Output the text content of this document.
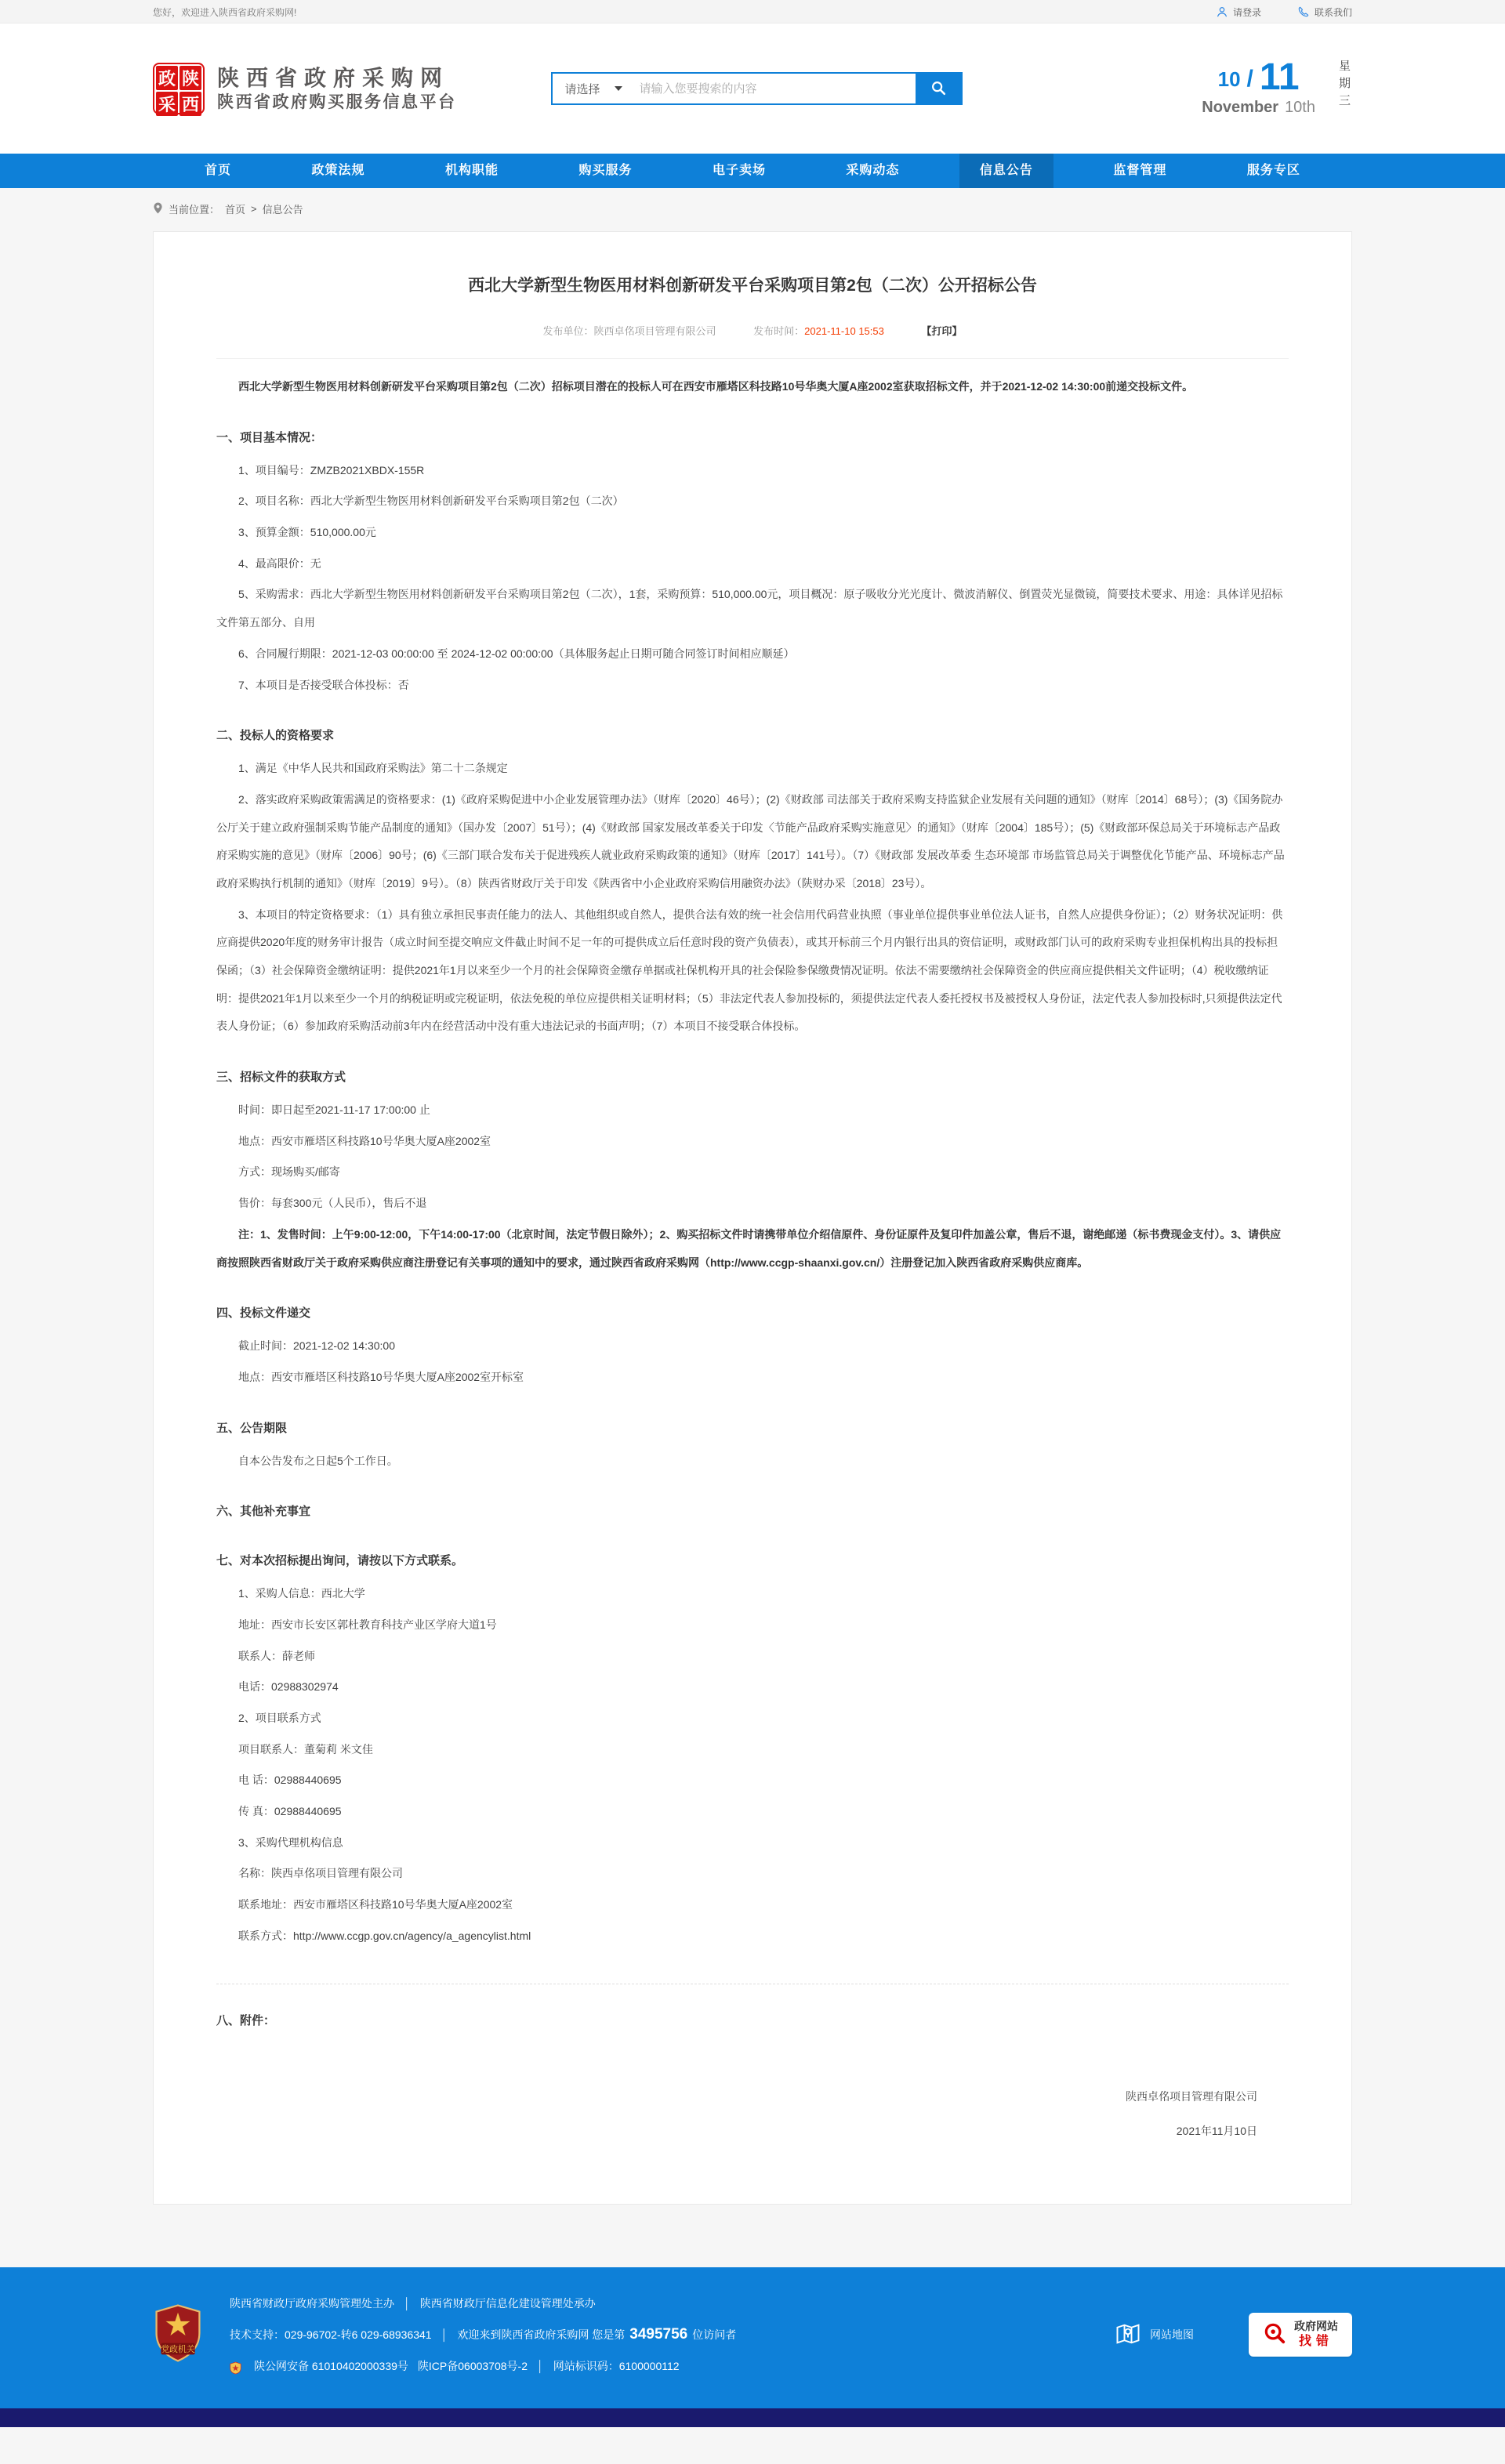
您好，欢迎进入陕西省政府采购网!	请登录	联系我们
政 陕
采 西
陕西省政府采购网
陕西省政府购买服务信息平台
请选择
请输入您要搜索的内容	10 / 11
November 10th 星期三
首页	政策法规	机构职能	购买服务	电子卖场	采购动态	信息公告	监督管理	服务专区
当前位置： 首页 > 信息公告
西北大学新型生物医用材料创新研发平台采购项目第2包（二次）公开招标公告
发布单位：陕西卓佲项目管理有限公司	发布时间：2021-11-10 15:53	【打印】

西北大学新型生物医用材料创新研发平台采购项目第2包（二次）招标项目潜在的投标人可在西安市雁塔区科技路10号华奥大厦A座2002室获取招标文件，并于2021-12-02 14:30:00前递交投标文件。

一、项目基本情况：

1、项目编号：ZMZB2021XBDX-155R

2、项目名称：西北大学新型生物医用材料创新研发平台采购项目第2包（二次）

3、预算金额：510,000.00元

4、最高限价：无

5、采购需求：西北大学新型生物医用材料创新研发平台采购项目第2包（二次），1套，采购预算：510,000.00元，项目概况：原子吸收分光光度计、微波消解仪、倒置荧光显微镜，简要技术要求、用途：具体详见招标文件第五部分、自用

6、合同履行期限：2021-12-03 00:00:00 至 2024-12-02 00:00:00（具体服务起止日期可随合同签订时间相应顺延）

7、本项目是否接受联合体投标：否

二、投标人的资格要求

1、满足《中华人民共和国政府采购法》第二十二条规定

2、落实政府采购政策需满足的资格要求：(1)《政府采购促进中小企业发展管理办法》（财库〔2020〕46号）；(2)《财政部 司法部关于政府采购支持监狱企业发展有关问题的通知》（财库〔2014〕68号）；(3)《国务院办公厅关于建立政府强制采购节能产品制度的通知》（国办发〔2007〕51号）；(4)《财政部 国家发展改革委关于印发〈节能产品政府采购实施意见〉的通知》（财库〔2004〕185号）；(5)《财政部环保总局关于环境标志产品政府采购实施的意见》（财库〔2006〕90号；(6)《三部门联合发布关于促进残疾人就业政府采购政策的通知》（财库〔2017〕141号）。（7）《财政部 发展改革委 生态环境部 市场监管总局关于调整优化节能产品、环境标志产品政府采购执行机制的通知》（财库〔2019〕9号）。（8）陕西省财政厅关于印发《陕西省中小企业政府采购信用融资办法》（陕财办采〔2018〕23号）。

3、本项目的特定资格要求：（1）具有独立承担民事责任能力的法人、其他组织或自然人，提供合法有效的统一社会信用代码营业执照（事业单位提供事业单位法人证书，自然人应提供身份证）；（2）财务状况证明：供应商提供2020年度的财务审计报告（成立时间至提交响应文件截止时间不足一年的可提供成立后任意时段的资产负债表），或其开标前三个月内银行出具的资信证明，或财政部门认可的政府采购专业担保机构出具的投标担保函；（3）社会保障资金缴纳证明：提供2021年1月以来至少一个月的社会保障资金缴存单据或社保机构开具的社会保险参保缴费情况证明。依法不需要缴纳社会保障资金的供应商应提供相关文件证明；（4）税收缴纳证明：提供2021年1月以来至少一个月的纳税证明或完税证明，依法免税的单位应提供相关证明材料；（5）非法定代表人参加投标的，须提供法定代表人委托授权书及被授权人身份证，法定代表人参加投标时,只须提供法定代表人身份证；（6）参加政府采购活动前3年内在经营活动中没有重大违法记录的书面声明；（7）本项目不接受联合体投标。

三、招标文件的获取方式

时间：即日起至2021-11-17 17:00:00 止

地点：西安市雁塔区科技路10号华奥大厦A座2002室

方式：现场购买/邮寄

售价：每套300元（人民币），售后不退

注：1、发售时间：上午9:00-12:00，下午14:00-17:00（北京时间，法定节假日除外）；2、购买招标文件时请携带单位介绍信原件、身份证原件及复印件加盖公章，售后不退，谢绝邮递（标书费现金支付）。3、请供应商按照陕西省财政厅关于政府采购供应商注册登记有关事项的通知中的要求，通过陕西省政府采购网（http://www.ccgp-shaanxi.gov.cn/）注册登记加入陕西省政府采购供应商库。

四、投标文件递交

截止时间：2021-12-02 14:30:00

地点：西安市雁塔区科技路10号华奥大厦A座2002室开标室

五、公告期限

自本公告发布之日起5个工作日。

六、其他补充事宜
七、对本次招标提出询问，请按以下方式联系。

1、采购人信息：西北大学

地址：西安市长安区郭杜教育科技产业区学府大道1号

联系人：薛老师

电话：02988302974

2、项目联系方式

项目联系人：董菊莉 米文佳

电 话：02988440695

传 真：02988440695

3、采购代理机构信息

名称：陕西卓佲项目管理有限公司

联系地址：西安市雁塔区科技路10号华奥大厦A座2002室

联系方式：http://www.ccgp.gov.cn/agency/a_agencylist.html

八、附件：
陕西卓佲项目管理有限公司
2021年11月10日
党政机关
陕西省财政厅政府采购管理处主办 │ 陕西省财政厅信息化建设管理处承办
技术支持：029-96702-转6 029-68936341 │ 欢迎来到陕西省政府采购网 您是第 3495756 位访问者
陕公网安备 61010402000339号 陕ICP备06003708号-2 │ 网站标识码：6100000112
网站地图
政府网站
找错
